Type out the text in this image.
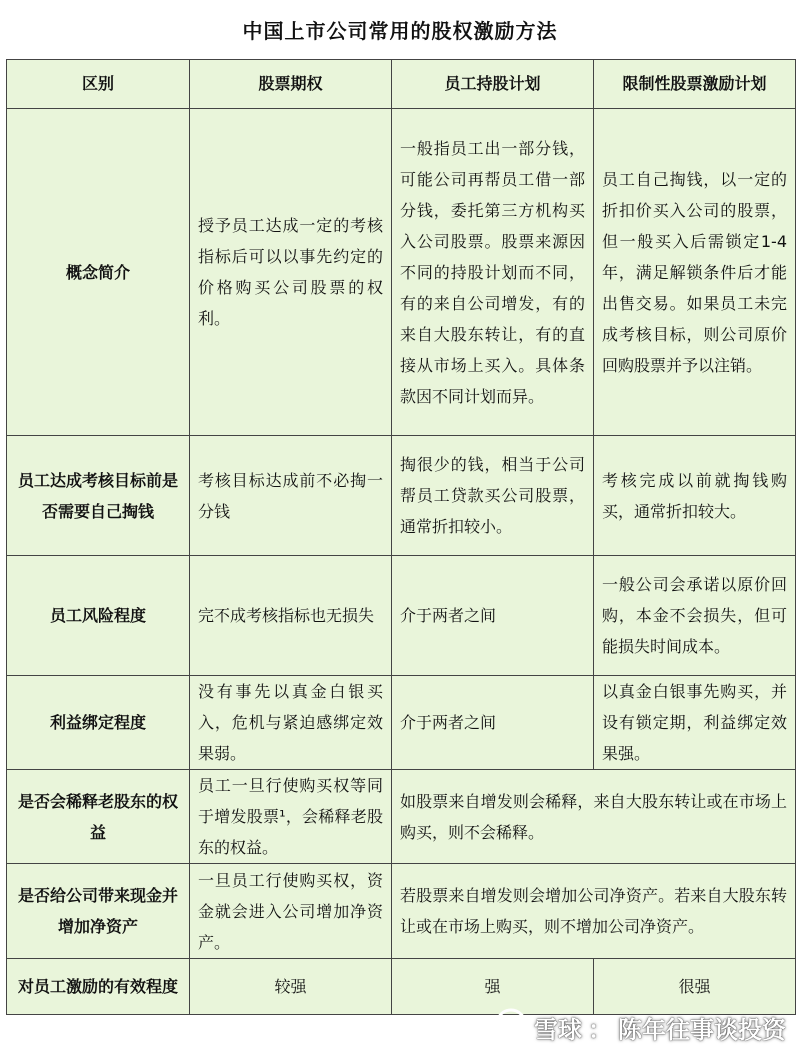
中国上市公司常用的股权激励方法
区别	股票期权	员工持股计划	限制性股票激励计划
概念简介	授予员工达成一定的考核指标后可以以事先约定的价格购买公司股票的权利。	一般指员工出一部分钱，可能公司再帮员工借一部分钱，委托第三方机构买入公司股票。股票来源因不同的持股计划而不同，有的来自公司增发，有的来自大股东转让，有的直接从市场上买入。具体条款因不同计划而异。	员工自己掏钱，以一定的折扣价买入公司的股票，但一般买入后需锁定1-4年，满足解锁条件后才能出售交易。如果员工未完成考核目标，则公司原价回购股票并予以注销。
员工达成考核目标前是否需要自己掏钱	考核目标达成前不必掏一分钱	掏很少的钱，相当于公司帮员工贷款买公司股票，通常折扣较小。	考核完成以前就掏钱购买，通常折扣较大。
员工风险程度	完不成考核指标也无损失	介于两者之间	一般公司会承诺以原价回购，本金不会损失，但可能损失时间成本。
利益绑定程度	没有事先以真金白银买入，危机与紧迫感绑定效果弱。	介于两者之间	以真金白银事先购买，并设有锁定期，利益绑定效果强。
是否会稀释老股东的权益	员工一旦行使购买权等同于增发股票¹，会稀释老股东的权益。	如股票来自增发则会稀释，来自大股东转让或在市场上购买，则不会稀释。	
是否给公司带来现金并增加净资产	一旦员工行使购买权，资金就会进入公司增加净资产。	若股票来自增发则会增加公司净资产。若来自大股东转让或在市场上购买，则不增加公司净资产。	
对员工激励的有效程度	较强	强	很强
雪球 ： 陈年往事谈投资
